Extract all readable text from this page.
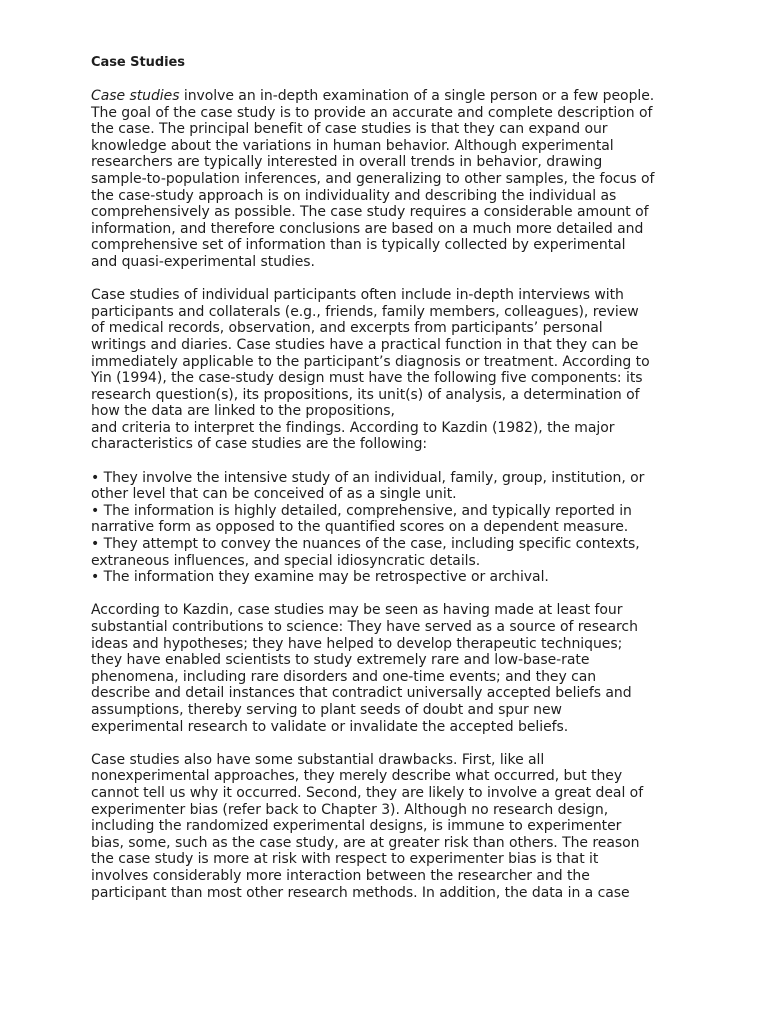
Case Studies
Case studies involve an in-depth examination of a single person or a few people.
The goal of the case study is to provide an accurate and complete description of
the case. The principal benefit of case studies is that they can expand our
knowledge about the variations in human behavior. Although experimental
researchers are typically interested in overall trends in behavior, drawing
sample-to-population inferences, and generalizing to other samples, the focus of
the case-study approach is on individuality and describing the individual as
comprehensively as possible. The case study requires a considerable amount of
information, and therefore conclusions are based on a much more detailed and
comprehensive set of information than is typically collected by experimental
and quasi-experimental studies.
Case studies of individual participants often include in-depth interviews with
participants and collaterals (e.g., friends, family members, colleagues), review
of medical records, observation, and excerpts from participants’ personal
writings and diaries. Case studies have a practical function in that they can be
immediately applicable to the participant’s diagnosis or treatment. According to
Yin (1994), the case-study design must have the following five components: its
research question(s), its propositions, its unit(s) of analysis, a determination of
how the data are linked to the propositions,
and criteria to interpret the findings. According to Kazdin (1982), the major
characteristics of case studies are the following:
• They involve the intensive study of an individual, family, group, institution, or
other level that can be conceived of as a single unit.
• The information is highly detailed, comprehensive, and typically reported in
narrative form as opposed to the quantified scores on a dependent measure.
• They attempt to convey the nuances of the case, including specific contexts,
extraneous influences, and special idiosyncratic details.
• The information they examine may be retrospective or archival.
According to Kazdin, case studies may be seen as having made at least four
substantial contributions to science: They have served as a source of research
ideas and hypotheses; they have helped to develop therapeutic techniques;
they have enabled scientists to study extremely rare and low-base-rate
phenomena, including rare disorders and one-time events; and they can
describe and detail instances that contradict universally accepted beliefs and
assumptions, thereby serving to plant seeds of doubt and spur new
experimental research to validate or invalidate the accepted beliefs.
Case studies also have some substantial drawbacks. First, like all
nonexperimental approaches, they merely describe what occurred, but they
cannot tell us why it occurred. Second, they are likely to involve a great deal of
experimenter bias (refer back to Chapter 3). Although no research design,
including the randomized experimental designs, is immune to experimenter
bias, some, such as the case study, are at greater risk than others. The reason
the case study is more at risk with respect to experimenter bias is that it
involves considerably more interaction between the researcher and the
participant than most other research methods. In addition, the data in a case
